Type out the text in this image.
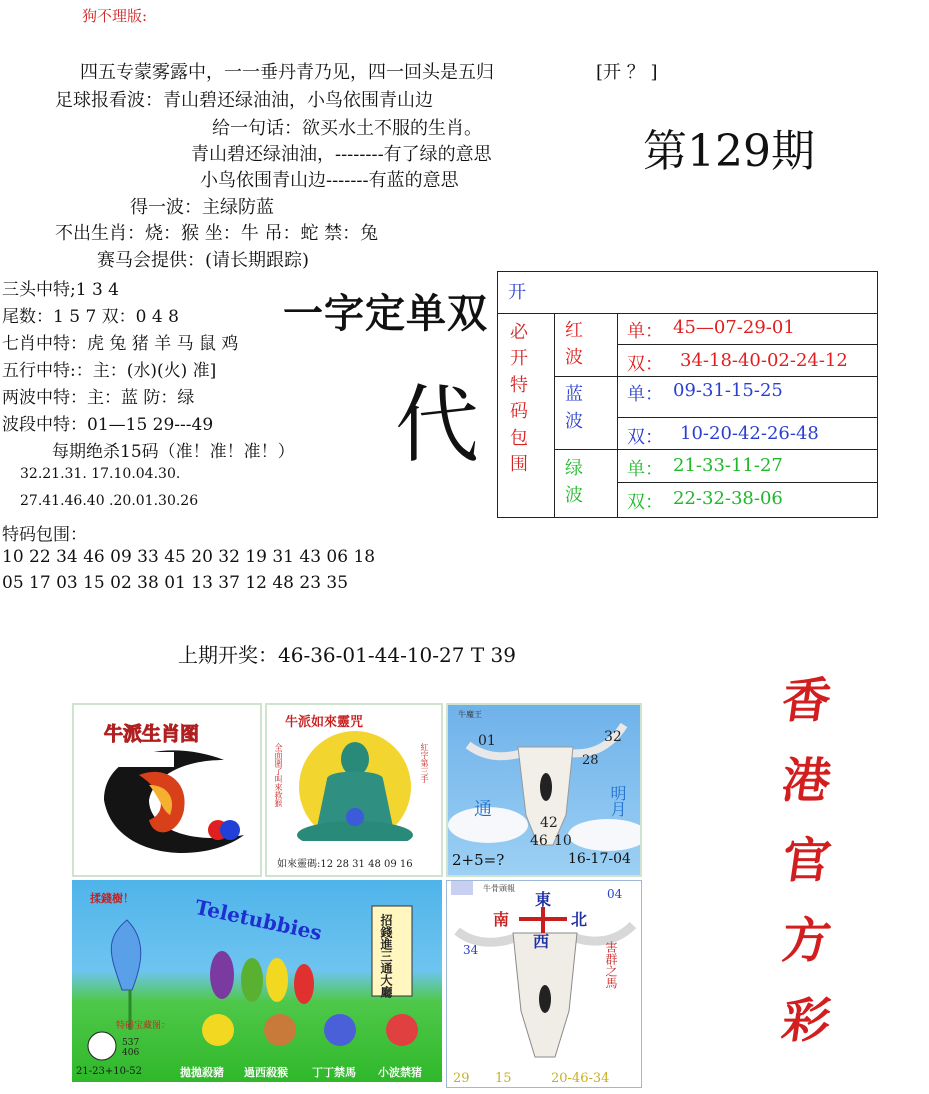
狗不理版:
四五专蒙雾露中，一一垂丹青乃见，四一回头是五归	[开 ？ ]
足球报看波：青山碧还绿油油，小鸟依围青山边
给一句话：欲买水土不服的生肖。
青山碧还绿油油，--------有了绿的意思
小鸟依围青山边-------有蓝的意思
得一波：主绿防蓝
不出生肖：烧：猴 坐：牛 吊：蛇 禁：兔
赛马会提供：(请长期跟踪)
第129期
三头中特;1 3 4
尾数：1 5 7 双：0 4 8
七肖中特：虎 兔 猪 羊 马 鼠 鸡
五行中特:：主：(水)(火) 准]
两波中特：主：蓝 防：绿
波段中特：01—15 29---49
每期绝杀15码（准！准！准！）
32.21.31. 17.10.04.30.
27.41.46.40 .20.01.30.26
特码包围：
10 22 34 46 09 33 45 20 32 19 31 43 06 18
05 17 03 15 02 38 01 13 37 12 48 23 35
一字定单双
代
上期开奖：46-36-01-44-10-27 T 39
开
必
开
特
码
包
围
红
波
单： 45—07-29-01
双： 34-18-40-02-24-12
蓝
波
单： 09-31-15-25
双： 10-20-42-26-48
绿
波
单： 21-33-11-27
双： 22-32-38-06
香
港
官
方
彩
牛派生肖图
牛派如來靈咒
全面圍了叫來救猴	紅字第三手
如來靈碼:12 28 31 48 09 16
牛魔王
01	32
28
42
46 10
通	明月
2+5=?	16-17-04
揉錢樹！	Teletubbies	招錢進三通大廳
特码宝藏图：
537 406
21-23+10-52	拋拋殺豬 過西殺猴 丁丁禁馬 小波禁猪
牛骨頭報
東
南	北
西
04
34	害群之馬
29 15	20-46-34
